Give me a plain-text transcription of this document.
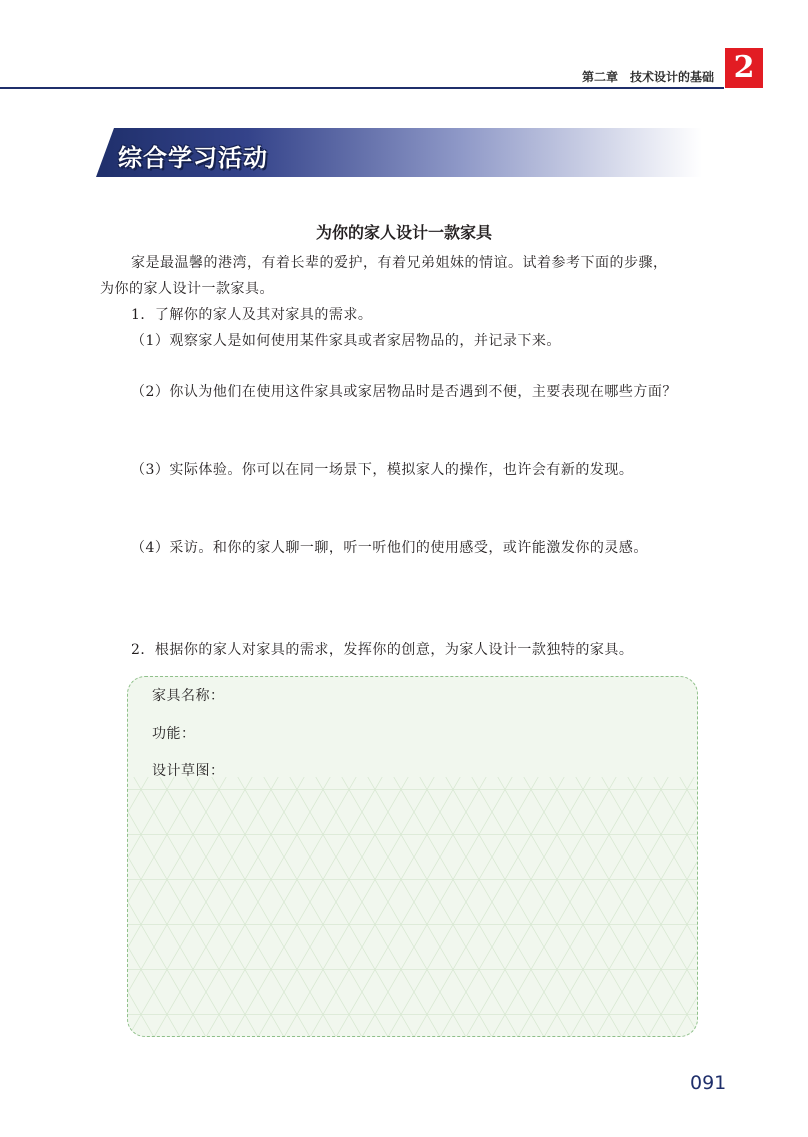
第二章　技术设计的基础 2
综合学习活动
为你的家人设计一款家具
家是最温馨的港湾，有着长辈的爱护，有着兄弟姐妹的情谊。试着参考下面的步骤，
为你的家人设计一款家具。
1．了解你的家人及其对家具的需求。
（1）观察家人是如何使用某件家具或者家居物品的，并记录下来。
（2）你认为他们在使用这件家具或家居物品时是否遇到不便，主要表现在哪些方面？
（3）实际体验。你可以在同一场景下，模拟家人的操作，也许会有新的发现。
（4）采访。和你的家人聊一聊，听一听他们的使用感受，或许能激发你的灵感。
2．根据你的家人对家具的需求，发挥你的创意，为家人设计一款独特的家具。
家具名称：
功能：
设计草图：
091
